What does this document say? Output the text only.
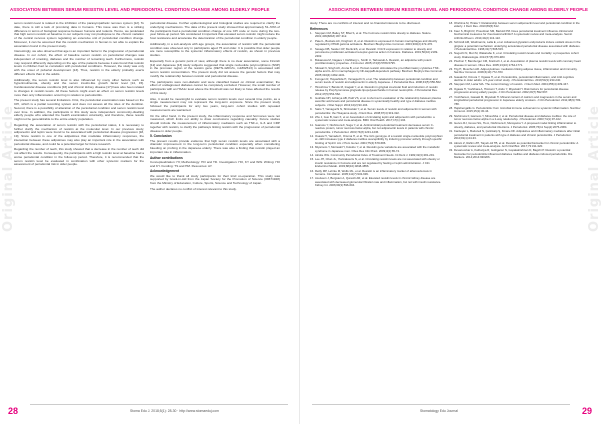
ASSOCIATION BETWEEN SERUM RESISTIN LEVEL AND PERIODONTAL CONDITION CHANGE AMONG ELDERLY PEOPLE
Original Article

serum resistin level is related to the inhibition of the parasympathetic nervous system [12]. To date, there is still a lack of promising data in humans. This issue was then is a striking difference in terms of biological response between humans and rodents. Hence, we postulated that high serum resistin at baseline in our subjects may not predispose to the chronic variation of the central nervous system regulating an extensive unit of periodontal condition change. Moreover, it can be assumed that the resistin mechanism in human is not able to explain the association found in the present study.

Interestingly, we also observed that age is an important factor in the progression of periodontal disease. In our cohort, the effect of baseline serum resistin on periodontal changes was independent of smoking, diabetes and the number of remaining teeth. Furthermore, resistin may respond differently depending on the age of the patients because it was found that resistin levels in children had no correlation with periodontal conditions. However, the study was only with the onset of pubertal development [13]. Thus, resistin in the elderly probably exerts different effects than in the adults.

Additionally, the serum resistin level is also influenced by many other factors such as hyperinsulinemia, obesity and the serum insulin-like growth factor level [14, 15]. Cardiovascular disease conditions [16] and chronic kidney disease [17] have also been related to changes in resistin levels. All these factors might exert an effect on serum resistin levels more than only inflammation occurring in relation to periodontitis.

The present study has several limitations. First, the periodontal examination was based on the CPI, which is a partial recording system and does not assess all the sites of the dentition. Second, there is a possibility of alteration of the periodontal condition and serum resistin level over time. In addition, the participants in this study were independent community-dwelling elderly people who attended the health examination voluntarily, and therefore, these results might not be generalizable to the entire elderly population.

Regarding the association of serum resistin with the periodontal status, it is necessary to further clarify the mechanism of resistin at the molecular level. In our previous study, adiponectin and leptin were found to be associated with periodontal disease progression [18, 19]. Since resistin is one of the adipokines that modulate inflammatory responses, the interaction between these adipokines may also play an important role in the association with periodontal disease, and could be a potential target for future research.

Regarding the number of teeth, this study showed that a decrease in the number of teeth did not affect the results. Consequently, the participants with a high resistin level at baseline had a worse periodontal condition in the follow-up period. Therefore, it is recommended that the serum resistin level be evaluated in combination with other systemic markers for the assessment of periodontal risk in older people.

periodontal disease. Further epidemiological and biological studies are required to clarify the underlying mechanisms. The data of the present study showed that approximately 51–53% of the participants had a periodontal condition change of one CPI code or more during the two-year follow-up period. We considered it important that elevated serum resistin might reduce the host resistance and accelerate the deterioration of the periodontal condition in elderly people.

Additionally, in a sub-analysis with age groups, the association of resistin with the periodontal condition was observed only in participants aged 75 and older. It is possible that older people are more susceptible to the systemic inflammatory effects of resistin, as shown in previous studies.

Especially from a genetic point of view, although there is no clear association, some Finnish [12] and Japanese [13] study subjects suggested that single nucleotide polymorphisms (SNP) in the promoter region of the resistin gene (RETN-420C/G, rs1862513) is associated with serum resistin concentration. The present study did not assess the genetic factors that may modify the relationship between resistin and periodontal disease.

The participants were non-diabetic and were classified based on clinical examination; the effect of undiagnosed diabetes cannot be completely excluded. However, the small number of participants with an HbA1c level above the threshold was not likely to have affected the results of this study.

Also, it would be meaningful to evaluate serum resistin levels over several time points, as a single measurement may not represent the long-term exposure. Since the present study followed the participants for only two years, long-term cohort studies with repeated measurements are warranted.

On the other hand, in the present study, the inflammatory response and hormones were not measured, which limits our ability to draw conclusions regarding causality. Future studies should include the measurement of inflammatory mediators such as TNF-α, IL-6 and CRP together with resistin, to clarify the pathways linking resistin with the progression of periodontal disease in older people.

5. Conclusion

The present results provide evidence that high serum resistin levels are associated with a dramatic improvement in the long-term periodontal condition especially when considering bleeding on probing in the Japanese elderly. There was also a finding that resistin played an important role in inflammation.

Author contributions

Conceptualization: HI; Methodology: HO and TD. Investigation: HO, KY and WW. Writing: HO and KY. Funding: TS and HM. Resources: AY.

Acknowledgement

We would like to thank all study participants for their kind co-operation. This study was supported by Grant-in-Aid from the Japan Society for the Promotion of Science (09671928) from the Ministry of Education, Culture, Sports, Science and Technology of Japan.

The author declares no conflict of interest relevant to this study.

28	Stoma Edu J. 2018;5(1): 28-30 · http://www.stomaeduj.com
ASSOCIATION BETWEEN SERUM RESISTIN LEVEL AND PERIODONTAL CONDITION CHANGE AMONG ELDERLY PEOPLE
Original Article

study. There are no conflicts of interest and no financial interests to be disclosed.

References
1. Steppan CM, Bailey ST, Bhat S, et al. The hormone resistin links obesity to diabetes. Nature. 2001;409(6818):307-312.
2. Patel L, Buckels AC, Kinghorn IJ, et al. Resistin is expressed in human macrophages and directly regulated by PPAR gamma activators. Biochem Biophys Res Commun. 2003;300(2):472-476.
3. Savage DB, Sewter CP, Klenk ES, et al. Resistin / Fizz3 expression in relation to obesity and peroxisome proliferator-activated receptor-gamma action in humans. Diabetes. 2001;50(10):2199-2202.
4. Bokarewa M, Nagaev I, Dahlberg L, Smith U, Tarkowski A. Resistin, an adipokine with potent proinflammatory properties. J Immunol. 2005;174(9):5789-5795.
5. Silswal N, Singh AK, Aruna B, et al. Human resistin stimulates the pro-inflammatory cytokines TNF-alpha and IL-12 in macrophages by NF-kappaB-dependent pathway. Biochem Biophys Res Commun. 2005;334(4):1092-1101.
6. Furugen R, Hayashida H, Yamaguchi N, et al. The relationship between periodontal condition and serum levels of resistin and adiponectin in elderly Japanese. J Periodontal Res. 2008;43(5):556-562.
7. Hiroshima Y, Bando M, Inagaki Y, et al. Resistin in gingival crevicular fluid and induction of resistin release by Porphyromonas gingivalis lipopolysaccharide in human neutrophils. J Periodontal Res. 2012;47(5):554-562.
8. Gokhale NH, Acharya AB, Patil VS, et al. A short-term evaluation of the relationship between plasma ascorbic acid levels and periodontal disease in systemically healthy and type 2 diabetes mellitus subjects. J Diet Suppl. 2013;10(2):93-104.
9. Saito T, Yamaguchi N, Shimazaki Y, et al. Serum levels of resistin and adiponectin in women with periodontitis: the Hisayama study. J Dent Res. 2008;87(4):319-322.
10. Zhu J, Guo B, Gan X, et al. Association of circulating leptin and adiponectin with periodontitis: a systematic review and meta-analysis. BMC Oral Health. 2017;17(1):104.
11. Iwamoto Y, Nishimura F, Soga Y, et al. Antimicrobial periodontal treatment decreases serum C-reactive protein, tumor necrosis factor-alpha, but not adiponectin levels in patients with chronic periodontitis. J Periodontol. 2003;74(8):1231-1236.
12. Osawa H, Yamada K, Onuma H, et al. The G/G genotype of a resistin single-nucleotide polymorphism at -420 increases type 2 diabetes mellitus susceptibility by inducing promoter activity through specific binding of Sp1/3. Am J Hum Genet. 2004;75(4):678-686.
13. Miyamoto Y, Morisaki H, Kokubo Y, et al. Resistin gene variations are associated with the metabolic syndrome in Japanese men. Obes Res Clin Pract. 2009;3(2):65-74.
14. Ainslie WG. Community Periodontal Index of Treatment Needs. Int Dent J. 1982;32(3):281-291.
15. Lee JH, Chan JL, Yiannakouris N, et al. Circulating resistin levels are not associated with obesity or insulin resistance in humans and are not regulated by fasting or leptin administration. J Clin Endocrinol Metab. 2003;88(10):4848-4856.
16. Reilly MP, Lehrke M, Wolfe ML, et al. Resistin is an inflammatory marker of atherosclerosis in humans. Circulation. 2005;111(7):932-939.
17. Axelsson J, Bergsten A, Qureshi AR, et al. Elevated resistin levels in chronic kidney disease are associated with decreased glomerular filtration rate and inflammation, but not with insulin resistance. Kidney Int. 2006;69(3):596-604.
18. Ohshima M, Hirata Y. Relationship between serum adiponectin level and periodontal condition in the elderly. J Dent Res. 2010;89(6):612.
19. Kaur S, Bright R, Proudman SM, Bartold PM. Does periodontal treatment influence clinical and biochemical measures for rheumatoid arthritis? A systematic review and meta-analysis. Semin Arthritis Rheum. 2014;44(2):113-122.
20. Schmidt AM, Weidman E, Lalla E, et al. Advanced glycation endproducts induce oxidant stress in the gingiva: a potential mechanism underlying accelerated periodontal disease associated with diabetes. J Periodontal Res. 1996;31(7):508-515.
21. Noguchi N, Mori M, Watanabe K, et al. Circulating resistin levels and mortality: a prospective cohort study. Diabetologia. 2014;57(5):976-983.
22. Pischon T, Bamberger CM, Kratzsch J, et al. Association of plasma resistin levels with coronary heart disease in women. Obes Res. 2005;13(10):1764-1771.
23. Tilg H, Moschen AR. Adipocytokines: mediators linking adipose tissue, inflammation and immunity. Nat Rev Immunol. 2006;6(10):772-783.
24. Iwasaki M, Kimura Y, Ogawa H, et al. Periodontitis, periodontal inflammation, and mild cognitive decline in older adults: a 5-year cohort study. J Periodontal Res. 2019;54(3):233-240.
25. Steppan CM, Lazar MA. The current biology of resistin. J Intern Med. 2004;255(4):439-447.
26. Ogawa H, Yoshihara A, Hirotomi T, Ando Y, Miyazaki H. Risk factors for periodontal disease progression among elderly people. J Clin Periodontol. 2002;29(7):592-597.
27. Yoshihara A, Iwasaki M, Miyazaki H. Mineral content of calcium and magnesium in the serum and longitudinal periodontal progression in Japanese elderly smokers. J Clin Periodontol. 2011;38(9):783-788.
28. Hajishengallis G. Periodontitis: from microbial immune subversion to systemic inflammation. Nat Rev Immunol. 2015;15(1):30-44.
29. Nishimura F, Iwamoto Y, Mineshiba J, et al. Periodontal disease and diabetes mellitus: the role of tumor necrosis factor-alpha in a 2-way relationship. J Periodontol. 2003;74(1):97-102.
30. Genco RJ, Grossi SG, Ho A, Nishimura F, Murayama Y. A proposed model linking inflammation to obesity, diabetes, and periodontal infections. J Periodontol. 2005;76(11 Suppl):2075-2084.
31. Kardeşler L, Buduneli N, Çetinkalp Ş, Kinane DF. Adipokines and inflammatory mediators after initial periodontal treatment in patients with type 2 diabetes and chronic periodontitis. J Periodontol. 2010;81(1):24-33.
32. Akram Z, Rahim ZH, Taiyeb-Ali TB, et al. Resistin as potential biomarker for chronic periodontitis: A systematic review and meta-analysis. Arch Oral Biol. 2017;73:311-320.
33. Devanoorkar A, Kathariya R, Guttiganur N, Gopalakrishnan D, Bagchi P. Resistin: a potential biomarker for periodontitis influenced diabetes mellitus and diabetes induced periodontitis. Dis Markers. 2014;2014:930206.
Stomatology Edu Journal	29
